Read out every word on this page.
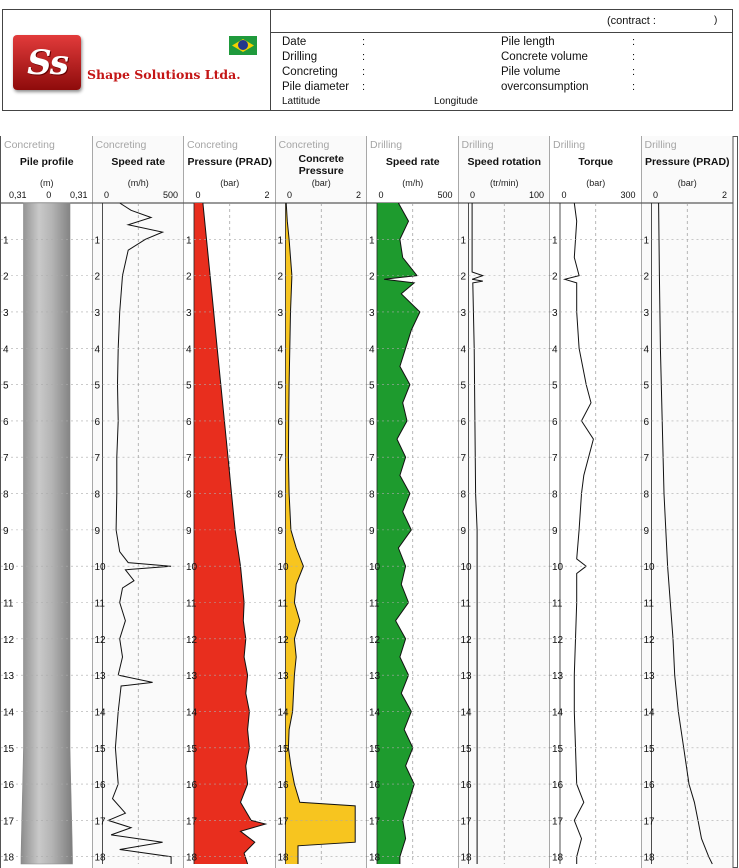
Ss	Shape Solutions Ltda.
(contract :	)
Date	:
Drilling	:
Concreting :
Pile diameter :
Pile length	:
Concrete volume	:
Pile volume	:
overconsumption	:
Lattitude	Longitude
Concreting
Pile profile
(m)
0,31 0 0,31
1
2
3
4
5
6
7
8
9
10
11
12
13
14
15
16
17
18
Concreting
Speed rate
(m/h)
0	500
1
2
3
4
5
6
7
8
9
10
11
12
13
14
15
16
17
18
Concreting
Pressure (PRAD)
(bar)
0	2
1
2
3
4
5
6
7
8
9
10
11
12
13
14
15
16
17
18
Concreting
Concrete
Pressure
(bar)
0	2
1
2
3
4
5
6
7
8
9
10
11
12
13
14
15
16
17
18
Drilling
Speed rate
(m/h)
0	500
1
2
3
4
5
6
7
8
9
10
11
12
13
14
15
16
17
18
Drilling
Speed rotation
(tr/min)
0	100
1
2
3
4
5
6
7
8
9
10
11
12
13
14
15
16
17
18
Drilling
Torque
(bar)
0	300
1
2
3
4
5
6
7
8
9
10
11
12
13
14
15
16
17
18
Drilling
Pressure (PRAD)
(bar)
0	2
1
2
3
4
5
6
7
8
9
10
11
12
13
14
15
16
17
18
